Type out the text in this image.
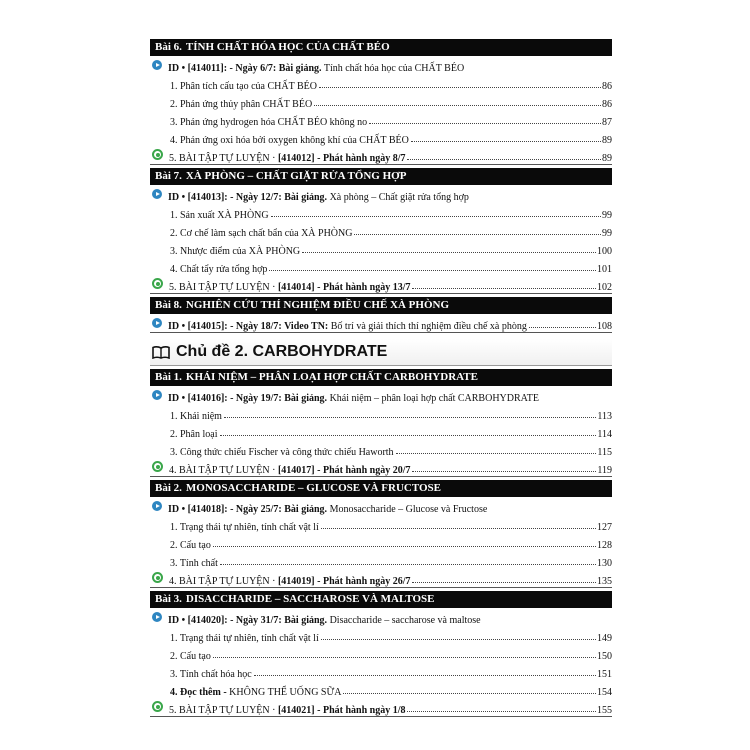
Bài 6. TÍNH CHẤT HÓA HỌC CỦA CHẤT BÉO
ID • [414011]: - Ngày 6/7: Bài giảng. Tính chất hóa học của CHẤT BÉO
1. Phân tích cấu tạo của CHẤT BÉO	86
2. Phản ứng thủy phân CHẤT BÉO	86
3. Phản ứng hydrogen hóa CHẤT BÉO không no	87
4. Phản ứng oxi hóa bởi oxygen không khí của CHẤT BÉO	89
5. BÀI TẬP TỰ LUYỆN · [414012] - Phát hành ngày 8/7	89
Bài 7. XÀ PHÒNG – CHẤT GIẶT RỬA TỔNG HỢP
ID • [414013]: - Ngày 12/7: Bài giảng. Xà phòng – Chất giặt rửa tổng hợp
1. Sản xuất XÀ PHÒNG	99
2. Cơ chế làm sạch chất bẩn của XÀ PHÒNG	99
3. Nhược điểm của XÀ PHÒNG	100
4. Chất tẩy rửa tổng hợp	101
5. BÀI TẬP TỰ LUYỆN · [414014] - Phát hành ngày 13/7	102
Bài 8. NGHIÊN CỨU THÍ NGHIỆM ĐIỀU CHẾ XÀ PHÒNG
ID • [414015]: - Ngày 18/7: Video TN: Bố trí và giải thích thí nghiệm điều chế xà phòng	108
Chủ đề 2. CARBOHYDRATE
Bài 1. KHÁI NIỆM – PHÂN LOẠI HỢP CHẤT CARBOHYDRATE
ID • [414016]: - Ngày 19/7: Bài giảng. Khái niệm – phân loại hợp chất CARBOHYDRATE
1. Khái niệm	113
2. Phân loại	114
3. Công thức chiếu Fischer và công thức chiếu Haworth	115
4. BÀI TẬP TỰ LUYỆN · [414017] - Phát hành ngày 20/7	119
Bài 2. MONOSACCHARIDE – GLUCOSE VÀ FRUCTOSE
ID • [414018]: - Ngày 25/7: Bài giảng. Monosaccharide – Glucose và Fructose
1. Trạng thái tự nhiên, tính chất vật lí	127
2. Cấu tạo	128
3. Tính chất	130
4. BÀI TẬP TỰ LUYỆN · [414019] - Phát hành ngày 26/7	135
Bài 3. DISACCHARIDE – SACCHAROSE VÀ MALTOSE
ID • [414020]: - Ngày 31/7: Bài giảng. Disaccharide – saccharose và maltose
1. Trạng thái tự nhiên, tính chất vật lí	149
2. Cấu tạo	150
3. Tính chất hóa học	151
4. Đọc thêm - KHÔNG THỂ UỐNG SỮA	154
5. BÀI TẬP TỰ LUYỆN · [414021] - Phát hành ngày 1/8	155
